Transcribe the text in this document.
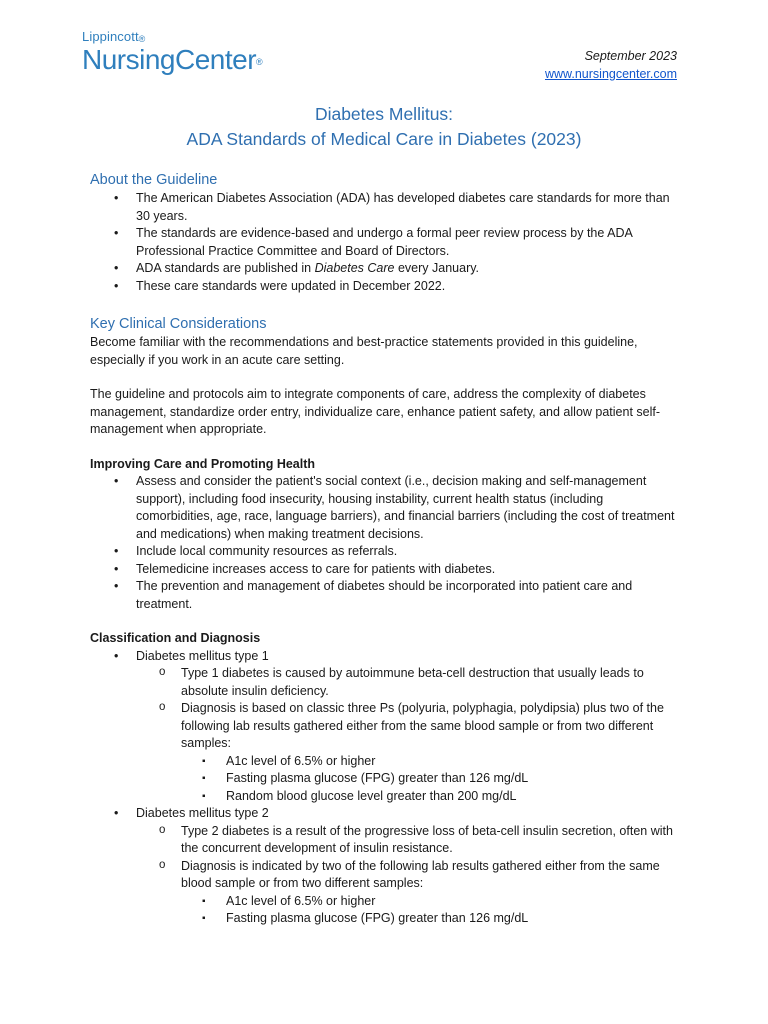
Lippincott®
NursingCenter®	September 2023
www.nursingcenter.com
Diabetes Mellitus:
ADA Standards of Medical Care in Diabetes (2023)
About the Guideline
• The American Diabetes Association (ADA) has developed diabetes care standards for more than 30 years.
• The standards are evidence-based and undergo a formal peer review process by the ADA Professional Practice Committee and Board of Directors.
• ADA standards are published in Diabetes Care every January.
• These care standards were updated in December 2022.
Key Clinical Considerations

Become familiar with the recommendations and best-practice statements provided in this guideline, especially if you work in an acute care setting.

The guideline and protocols aim to integrate components of care, address the complexity of diabetes management, standardize order entry, individualize care, enhance patient safety, and allow patient self-management when appropriate.

Improving Care and Promoting Health
• Assess and consider the patient's social context (i.e., decision making and self-management support), including food insecurity, housing instability, current health status (including comorbidities, age, race, language barriers), and financial barriers (including the cost of treatment and medications) when making treatment decisions.
• Include local community resources as referrals.
• Telemedicine increases access to care for patients with diabetes.
• The prevention and management of diabetes should be incorporated into patient care and treatment.
Classification and Diagnosis
• Diabetes mellitus type 1
o Type 1 diabetes is caused by autoimmune beta-cell destruction that usually leads to absolute insulin deficiency.
o Diagnosis is based on classic three Ps (polyuria, polyphagia, polydipsia) plus two of the following lab results gathered either from the same blood sample or from two different samples:
▪ A1c level of 6.5% or higher
▪ Fasting plasma glucose (FPG) greater than 126 mg/dL
▪ Random blood glucose level greater than 200 mg/dL
• Diabetes mellitus type 2
o Type 2 diabetes is a result of the progressive loss of beta-cell insulin secretion, often with the concurrent development of insulin resistance.
o Diagnosis is indicated by two of the following lab results gathered either from the same blood sample or from two different samples:
▪ A1c level of 6.5% or higher
▪ Fasting plasma glucose (FPG) greater than 126 mg/dL
